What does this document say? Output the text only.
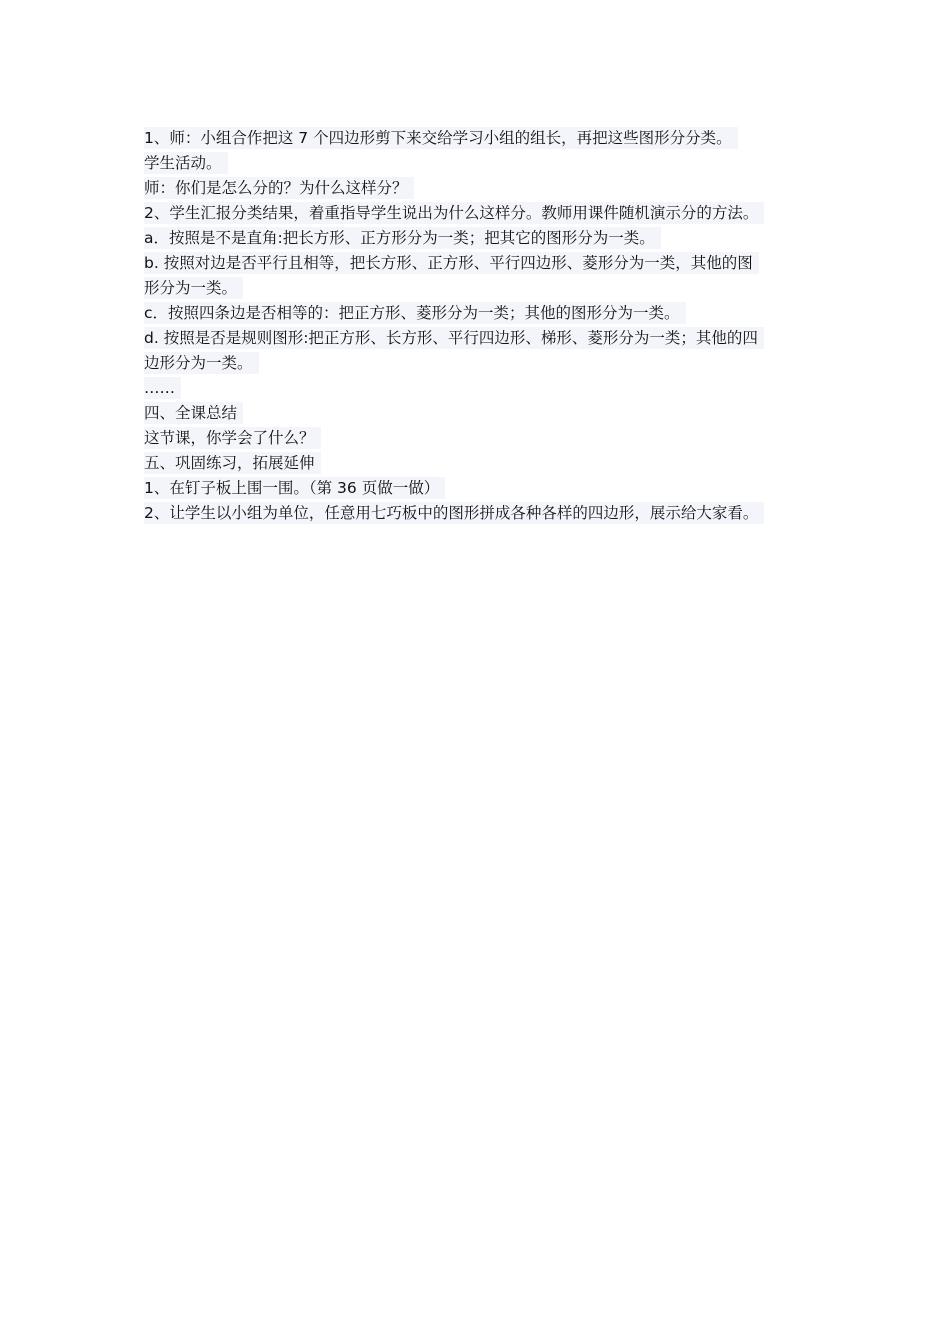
1、师：小组合作把这 7 个四边形剪下来交给学习小组的组长，再把这些图形分分类。
学生活动。
师：你们是怎么分的？为什么这样分？
2、学生汇报分类结果，着重指导学生说出为什么这样分。教师用课件随机演示分的方法。
a．按照是不是直角:把长方形、正方形分为一类；把其它的图形分为一类。
b. 按照对边是否平行且相等，把长方形、正方形、平行四边形、菱形分为一类，其他的图
形分为一类。
c．按照四条边是否相等的：把正方形、菱形分为一类；其他的图形分为一类。
d. 按照是否是规则图形:把正方形、长方形、平行四边形、梯形、菱形分为一类；其他的四
边形分为一类。
……
四、全课总结
这节课，你学会了什么？
五、巩固练习，拓展延伸
1、在钉子板上围一围。（第 36 页做一做）
2、让学生以小组为单位，任意用七巧板中的图形拼成各种各样的四边形，展示给大家看。
